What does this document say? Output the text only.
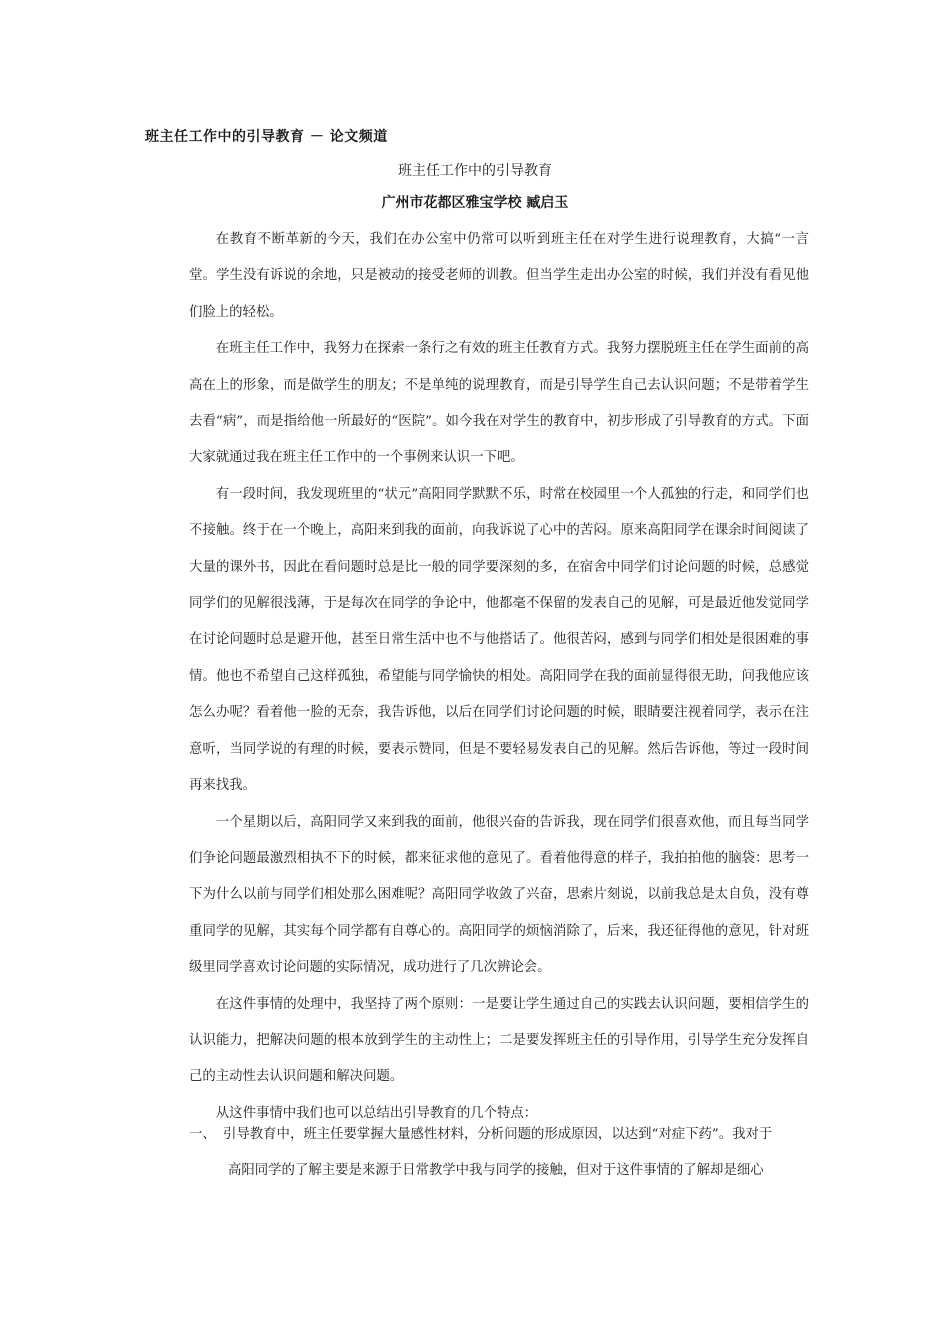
班主任工作中的引导教育 － 论文频道
班主任工作中的引导教育
广州市花都区雅宝学校 臧启玉

在教育不断革新的今天，我们在办公室中仍常可以听到班主任在对学生进行说理教育，大搞“一言堂。学生没有诉说的余地，只是被动的接受老师的训教。但当学生走出办公室的时候，我们并没有看见他们脸上的轻松。

在班主任工作中，我努力在探索一条行之有效的班主任教育方式。我努力摆脱班主任在学生面前的高高在上的形象，而是做学生的朋友；不是单纯的说理教育，而是引导学生自己去认识问题；不是带着学生去看“病”，而是指给他一所最好的“医院”。如今我在对学生的教育中，初步形成了引导教育的方式。下面大家就通过我在班主任工作中的一个事例来认识一下吧。

有一段时间，我发现班里的“状元”高阳同学默默不乐，时常在校园里一个人孤独的行走，和同学们也不接触。终于在一个晚上，高阳来到我的面前，向我诉说了心中的苦闷。原来高阳同学在课余时间阅读了大量的课外书，因此在看问题时总是比一般的同学要深刻的多，在宿舍中同学们讨论问题的时候，总感觉同学们的见解很浅薄，于是每次在同学的争论中，他都毫不保留的发表自己的见解，可是最近他发觉同学在讨论问题时总是避开他，甚至日常生活中也不与他搭话了。他很苦闷，感到与同学们相处是很困难的事情。他也不希望自己这样孤独，希望能与同学愉快的相处。高阳同学在我的面前显得很无助，问我他应该怎么办呢？看着他一脸的无奈，我告诉他，以后在同学们讨论问题的时候，眼睛要注视着同学，表示在注意听，当同学说的有理的时候，要表示赞同，但是不要轻易发表自己的见解。然后告诉他，等过一段时间再来找我。

一个星期以后，高阳同学又来到我的面前，他很兴奋的告诉我，现在同学们很喜欢他，而且每当同学们争论问题最激烈相执不下的时候，都来征求他的意见了。看着他得意的样子，我拍拍他的脑袋：思考一下为什么以前与同学们相处那么困难呢？高阳同学收敛了兴奋，思索片刻说，以前我总是太自负，没有尊重同学的见解，其实每个同学都有自尊心的。高阳同学的烦恼消除了，后来，我还征得他的意见，针对班级里同学喜欢讨论问题的实际情况，成功进行了几次辨论会。

在这件事情的处理中，我坚持了两个原则：一是要让学生通过自己的实践去认识问题，要相信学生的认识能力，把解决问题的根本放到学生的主动性上；二是要发挥班主任的引导作用，引导学生充分发挥自己的主动性去认识问题和解决问题。

从这件事情中我们也可以总结出引导教育的几个特点：

一、 引导教育中，班主任要掌握大量感性材料，分析问题的形成原因，以达到“对症下药”。我对于

高阳同学的了解主要是来源于日常教学中我与同学的接触，但对于这件事情的了解却是细心
